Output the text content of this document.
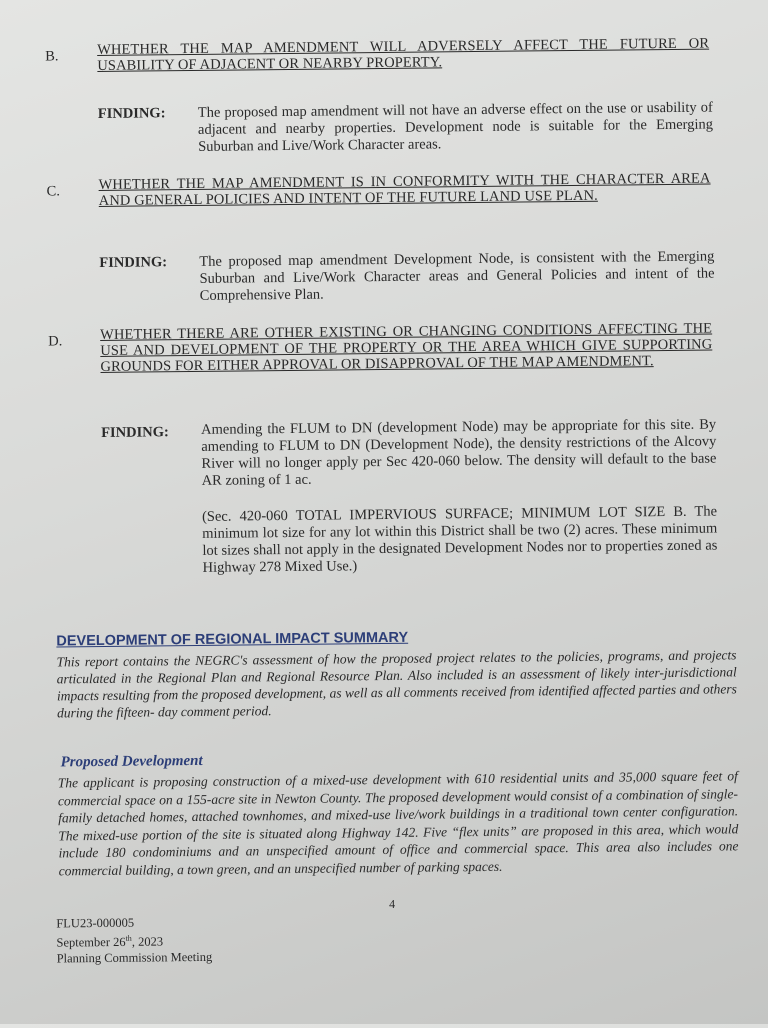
B.	WHETHER THE MAP AMENDMENT WILL ADVERSELY AFFECT THE FUTURE OR USABILITY OF ADJACENT OR NEARBY PROPERTY.
FINDING: The proposed map amendment will not have an adverse effect on the use or usability of adjacent and nearby properties. Development node is suitable for the Emerging Suburban and Live/Work Character areas.

C.	WHETHER THE MAP AMENDMENT IS IN CONFORMITY WITH THE CHARACTER AREA AND GENERAL POLICIES AND INTENT OF THE FUTURE LAND USE PLAN.
FINDING: The proposed map amendment Development Node, is consistent with the Emerging Suburban and Live/Work Character areas and General Policies and intent of the Comprehensive Plan.

D.	WHETHER THERE ARE OTHER EXISTING OR CHANGING CONDITIONS AFFECTING THE USE AND DEVELOPMENT OF THE PROPERTY OR THE AREA WHICH GIVE SUPPORTING GROUNDS FOR EITHER APPROVAL OR DISAPPROVAL OF THE MAP AMENDMENT.
FINDING: Amending the FLUM to DN (development Node) may be appropriate for this site. By amending to FLUM to DN (Development Node), the density restrictions of the Alcovy River will no longer apply per Sec 420-060 below. The density will default to the base AR zoning of 1 ac.

(Sec. 420-060 TOTAL IMPERVIOUS SURFACE; MINIMUM LOT SIZE B. The minimum lot size for any lot within this District shall be two (2) acres. These minimum lot sizes shall not apply in the designated Development Nodes nor to properties zoned as Highway 278 Mixed Use.)

DEVELOPMENT OF REGIONAL IMPACT SUMMARY
This report contains the NEGRC's assessment of how the proposed project relates to the policies, programs, and projects articulated in the Regional Plan and Regional Resource Plan. Also included is an assessment of likely inter-jurisdictional impacts resulting from the proposed development, as well as all comments received from identified affected parties and others during the fifteen- day comment period.
Proposed Development
The applicant is proposing construction of a mixed-use development with 610 residential units and 35,000 square feet of commercial space on a 155-acre site in Newton County. The proposed development would consist of a combination of single-family detached homes, attached townhomes, and mixed-use live/work buildings in a traditional town center configuration. The mixed-use portion of the site is situated along Highway 142. Five “flex units” are proposed in this area, which would include 180 condominiums and an unspecified amount of office and commercial space. This area also includes one commercial building, a town green, and an unspecified number of parking spaces.
4
FLU23-000005
September 26th, 2023
Planning Commission Meeting
